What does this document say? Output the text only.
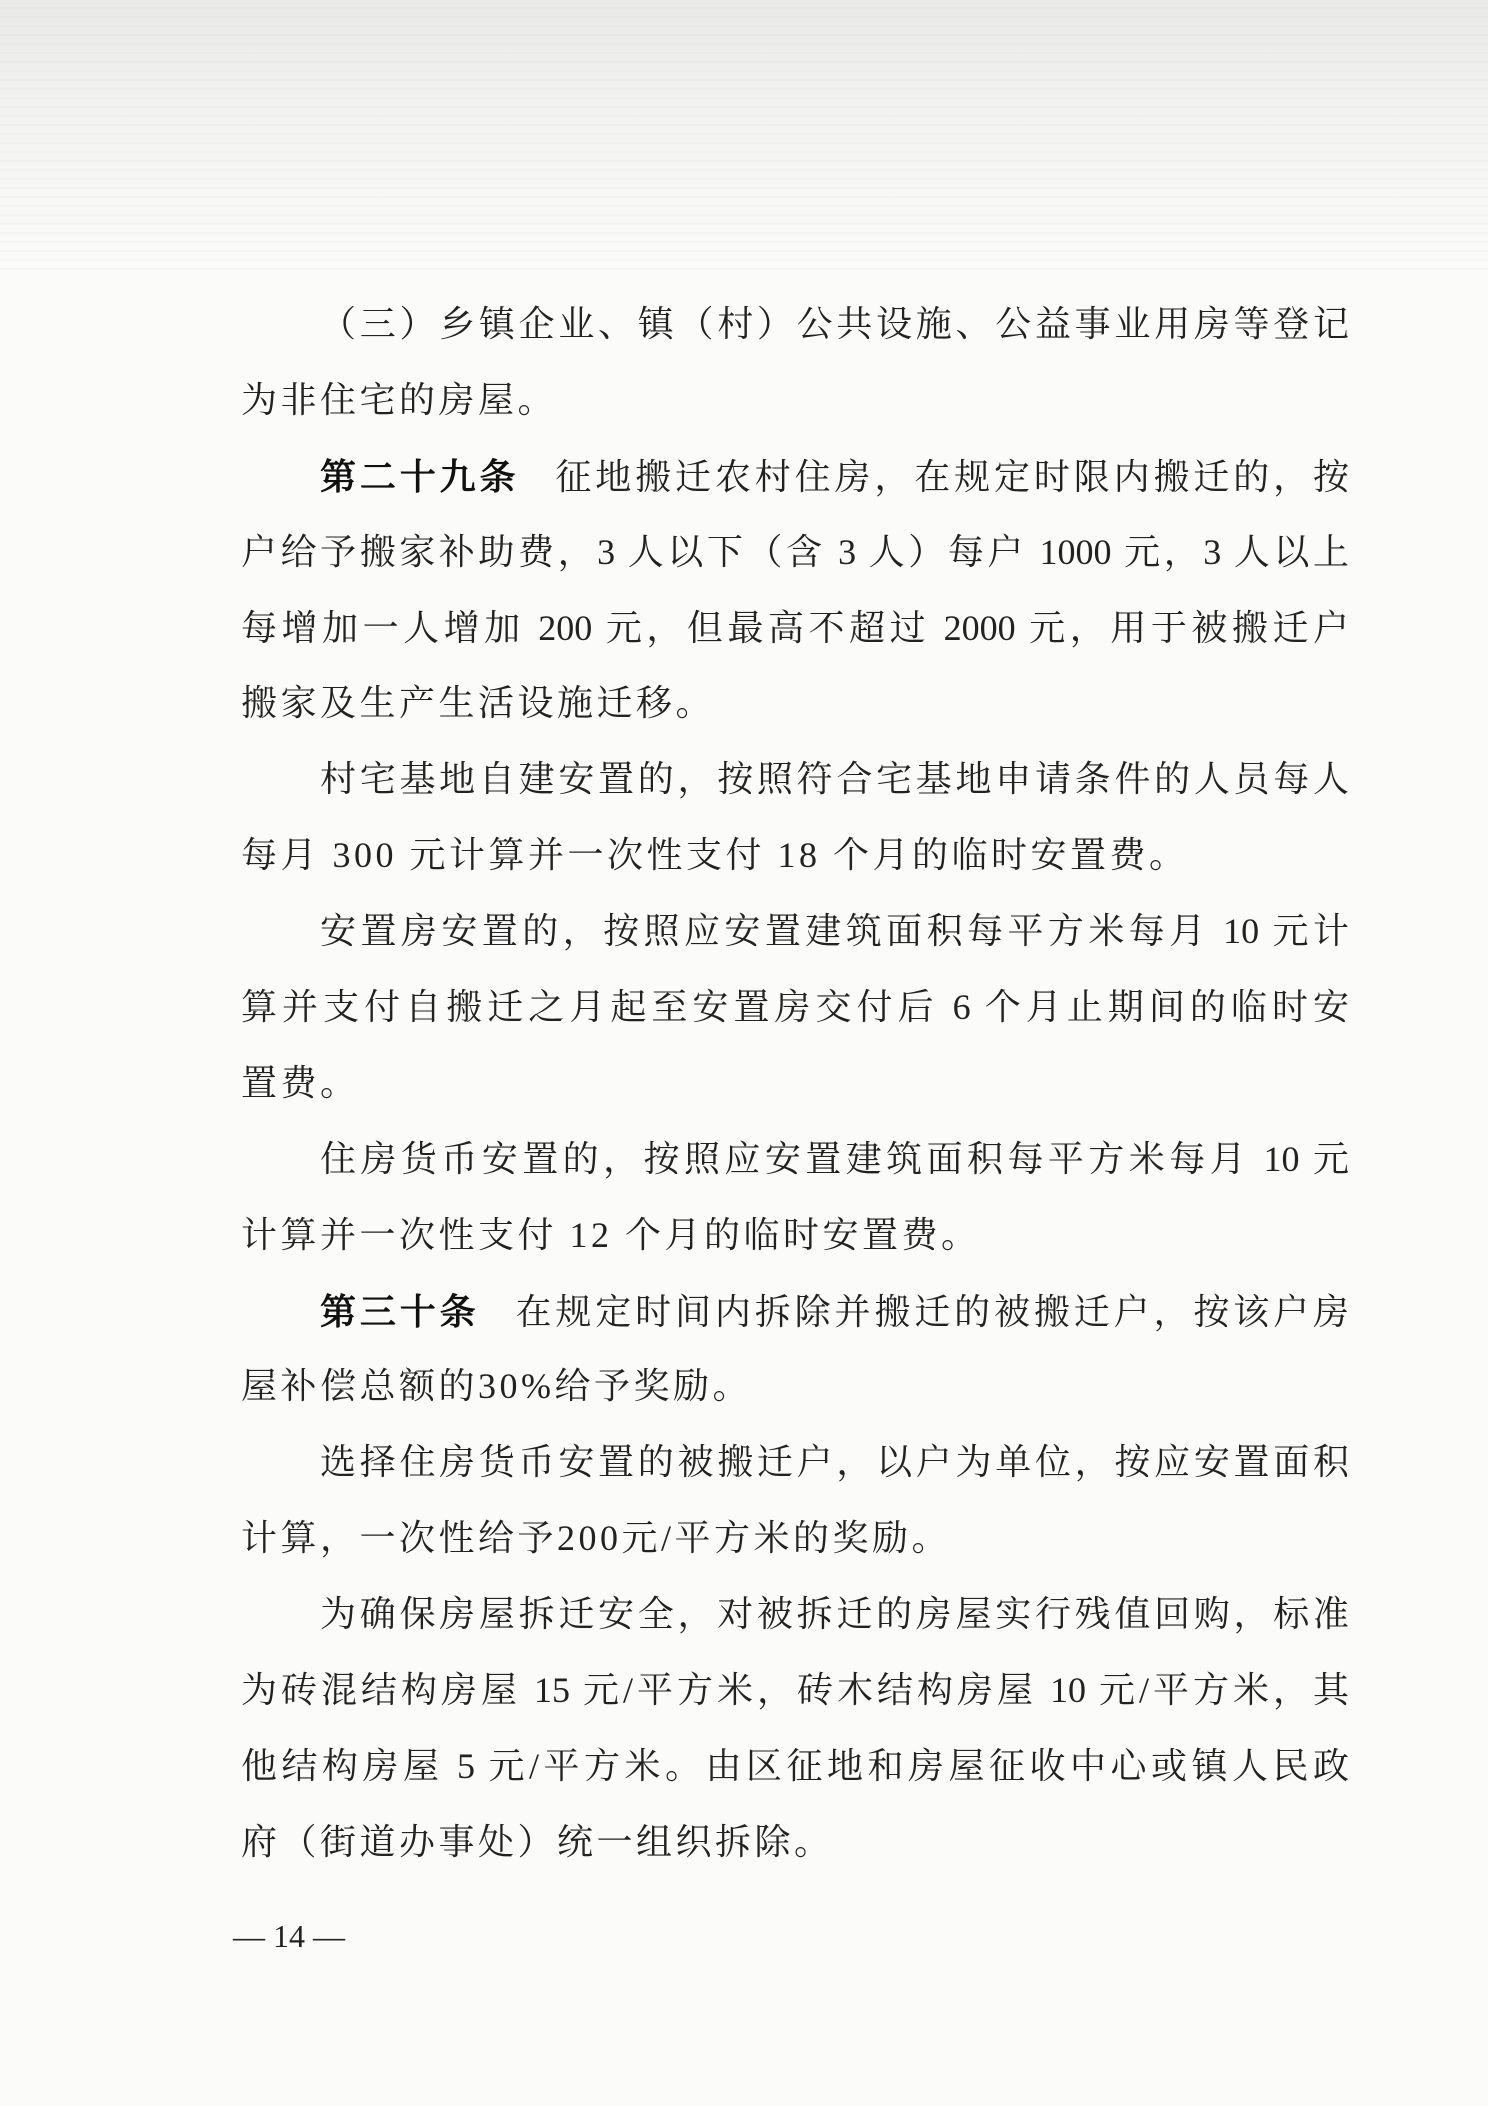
（三）乡镇企业、镇（村）公共设施、公益事业用房等登记
为非住宅的房屋。
第二十九条 征地搬迁农村住房，在规定时限内搬迁的，按
户给予搬家补助费，3 人以下（含 3 人）每户 1000 元，3 人以上
每增加一人增加 200 元，但最高不超过 2000 元，用于被搬迁户
搬家及生产生活设施迁移。
村宅基地自建安置的，按照符合宅基地申请条件的人员每人
每月 300 元计算并一次性支付 18 个月的临时安置费。
安置房安置的，按照应安置建筑面积每平方米每月 10 元计
算并支付自搬迁之月起至安置房交付后 6 个月止期间的临时安
置费。
住房货币安置的，按照应安置建筑面积每平方米每月 10 元
计算并一次性支付 12 个月的临时安置费。
第三十条 在规定时间内拆除并搬迁的被搬迁户，按该户房
屋补偿总额的30%给予奖励。
选择住房货币安置的被搬迁户，以户为单位，按应安置面积
计算，一次性给予200元/平方米的奖励。
为确保房屋拆迁安全，对被拆迁的房屋实行残值回购，标准
为砖混结构房屋 15 元/平方米，砖木结构房屋 10 元/平方米，其
他结构房屋 5 元/平方米。由区征地和房屋征收中心或镇人民政
府（街道办事处）统一组织拆除。
— 14 —
